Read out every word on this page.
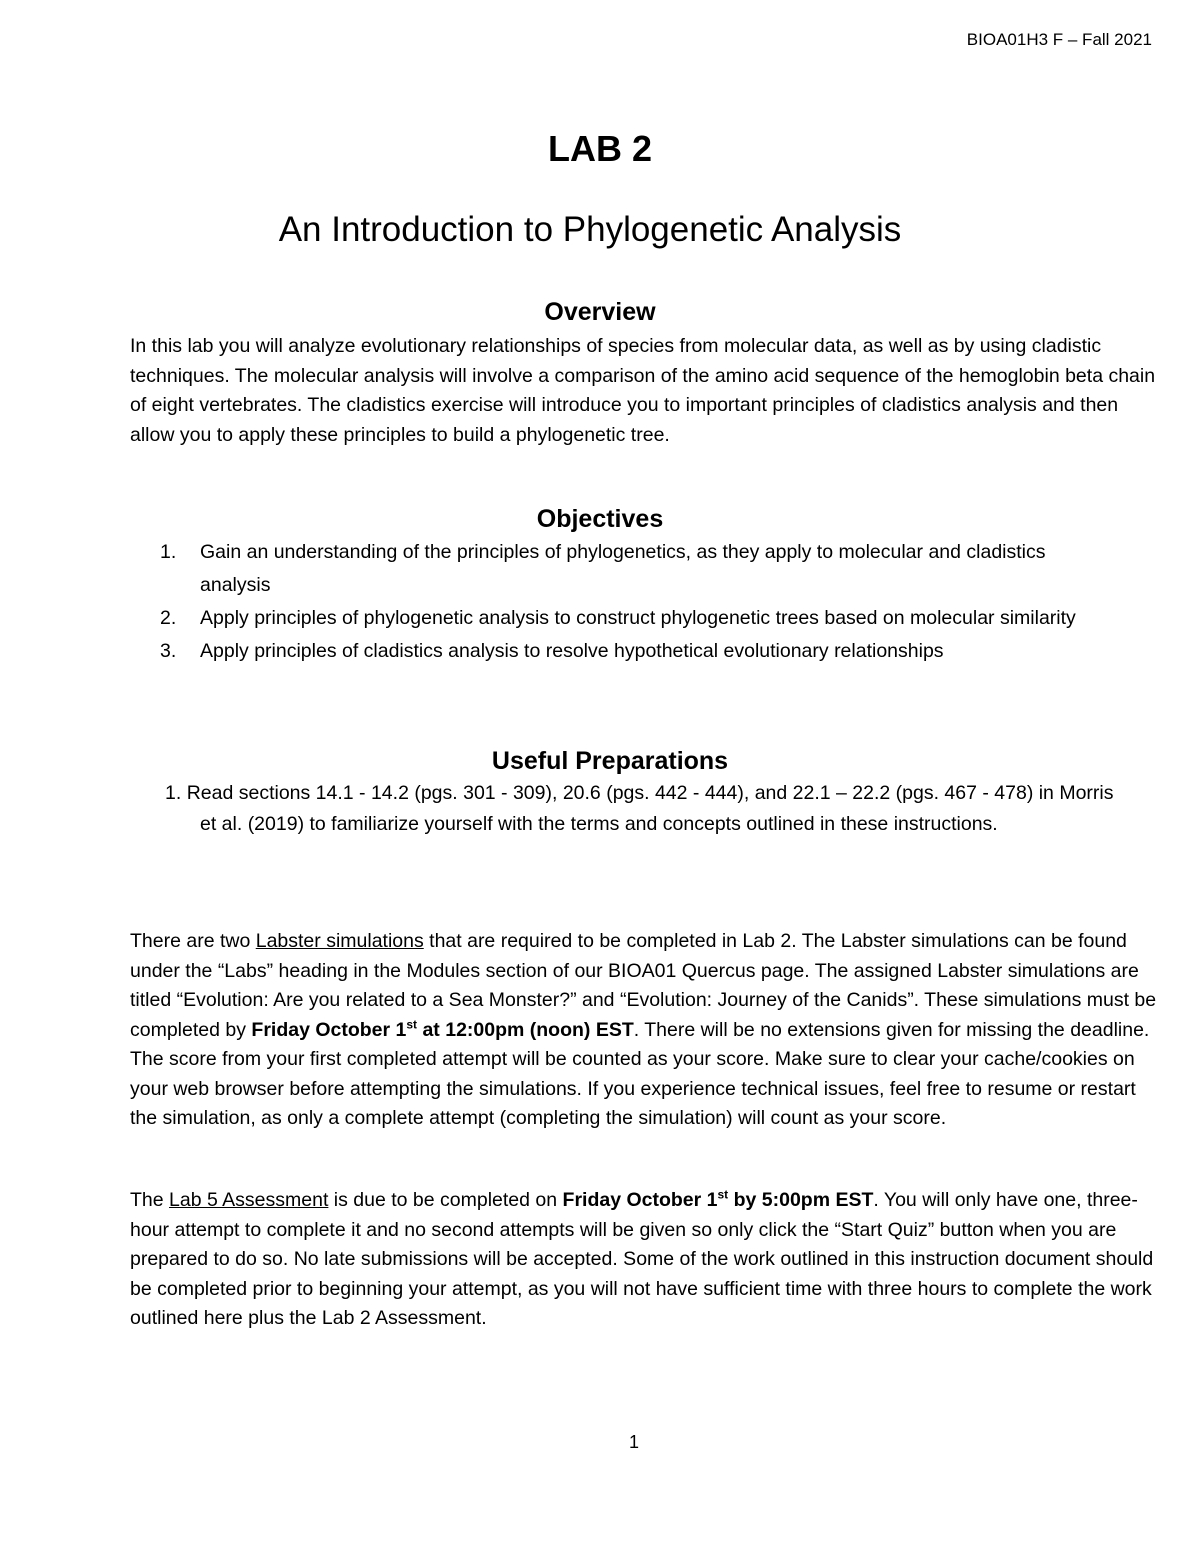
BIOA01H3 F – Fall 2021
LAB 2
An Introduction to Phylogenetic Analysis
Overview

In this lab you will analyze evolutionary relationships of species from molecular data, as well as by using cladistic techniques. The molecular analysis will involve a comparison of the amino acid sequence of the hemoglobin beta chain of eight vertebrates. The cladistics exercise will introduce you to important principles of cladistics analysis and then allow you to apply these principles to build a phylogenetic tree.

Objectives
1. Gain an understanding of the principles of phylogenetics, as they apply to molecular and cladistics analysis
2. Apply principles of phylogenetic analysis to construct phylogenetic trees based on molecular similarity
3. Apply principles of cladistics analysis to resolve hypothetical evolutionary relationships
Useful Preparations
1. Read sections 14.1 - 14.2 (pgs. 301 - 309), 20.6 (pgs. 442 - 444), and 22.1 – 22.2 (pgs. 467 - 478) in Morris et al. (2019) to familiarize yourself with the terms and concepts outlined in these instructions.

There are two Labster simulations that are required to be completed in Lab 2. The Labster simulations can be found under the “Labs” heading in the Modules section of our BIOA01 Quercus page. The assigned Labster simulations are titled “Evolution: Are you related to a Sea Monster?” and “Evolution: Journey of the Canids”. These simulations must be completed by Friday October 1st at 12:00pm (noon) EST. There will be no extensions given for missing the deadline. The score from your first completed attempt will be counted as your score. Make sure to clear your cache/cookies on your web browser before attempting the simulations. If you experience technical issues, feel free to resume or restart the simulation, as only a complete attempt (completing the simulation) will count as your score.

The Lab 5 Assessment is due to be completed on Friday October 1st by 5:00pm EST. You will only have one, three-hour attempt to complete it and no second attempts will be given so only click the “Start Quiz” button when you are prepared to do so. No late submissions will be accepted. Some of the work outlined in this instruction document should be completed prior to beginning your attempt, as you will not have sufficient time with three hours to complete the work outlined here plus the Lab 2 Assessment.

1
